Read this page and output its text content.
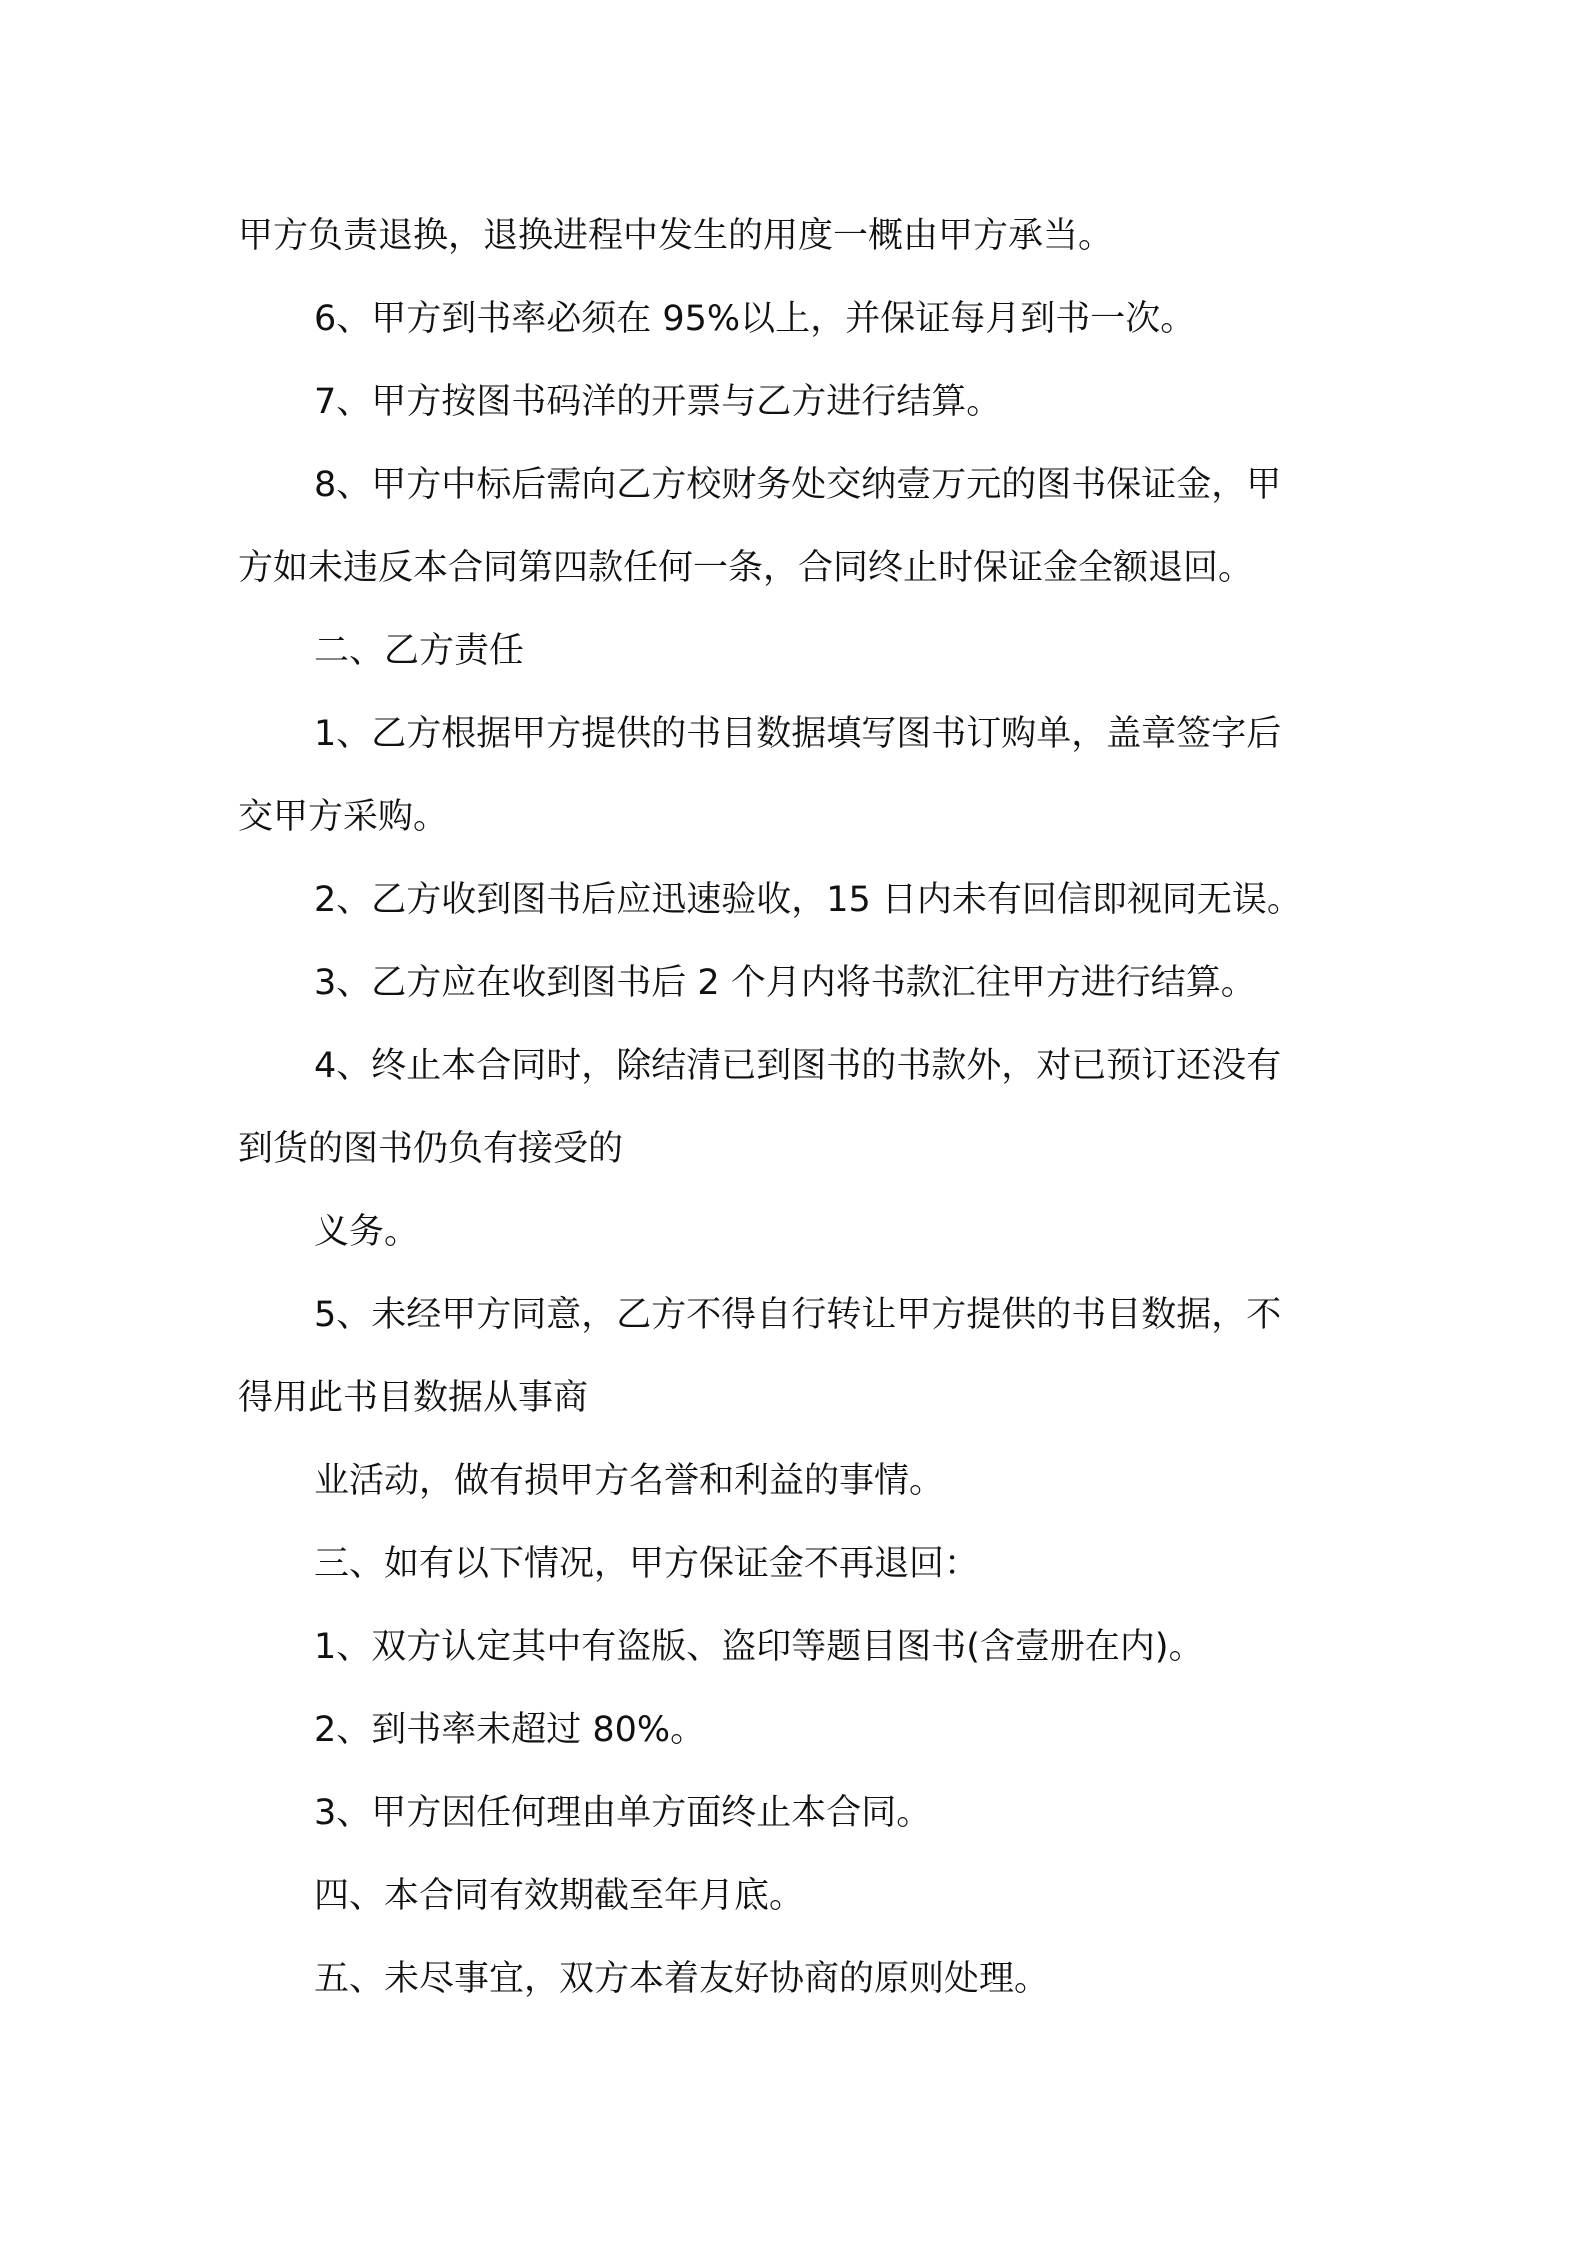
甲方负责退换，退换进程中发生的用度一概由甲方承当。
6、甲方到书率必须在 95%以上，并保证每月到书一次。
7、甲方按图书码洋的开票与乙方进行结算。
8、甲方中标后需向乙方校财务处交纳壹万元的图书保证金，甲
方如未违反本合同第四款任何一条，合同终止时保证金全额退回。
二、乙方责任
1、乙方根据甲方提供的书目数据填写图书订购单，盖章签字后
交甲方采购。
2、乙方收到图书后应迅速验收，15 日内未有回信即视同无误。
3、乙方应在收到图书后 2 个月内将书款汇往甲方进行结算。
4、终止本合同时，除结清已到图书的书款外，对已预订还没有
到货的图书仍负有接受的
义务。
5、未经甲方同意，乙方不得自行转让甲方提供的书目数据，不
得用此书目数据从事商
业活动，做有损甲方名誉和利益的事情。
三、如有以下情况，甲方保证金不再退回：
1、双方认定其中有盗版、盗印等题目图书(含壹册在内)。
2、到书率未超过 80%。
3、甲方因任何理由单方面终止本合同。
四、本合同有效期截至年月底。
五、未尽事宜，双方本着友好协商的原则处理。
